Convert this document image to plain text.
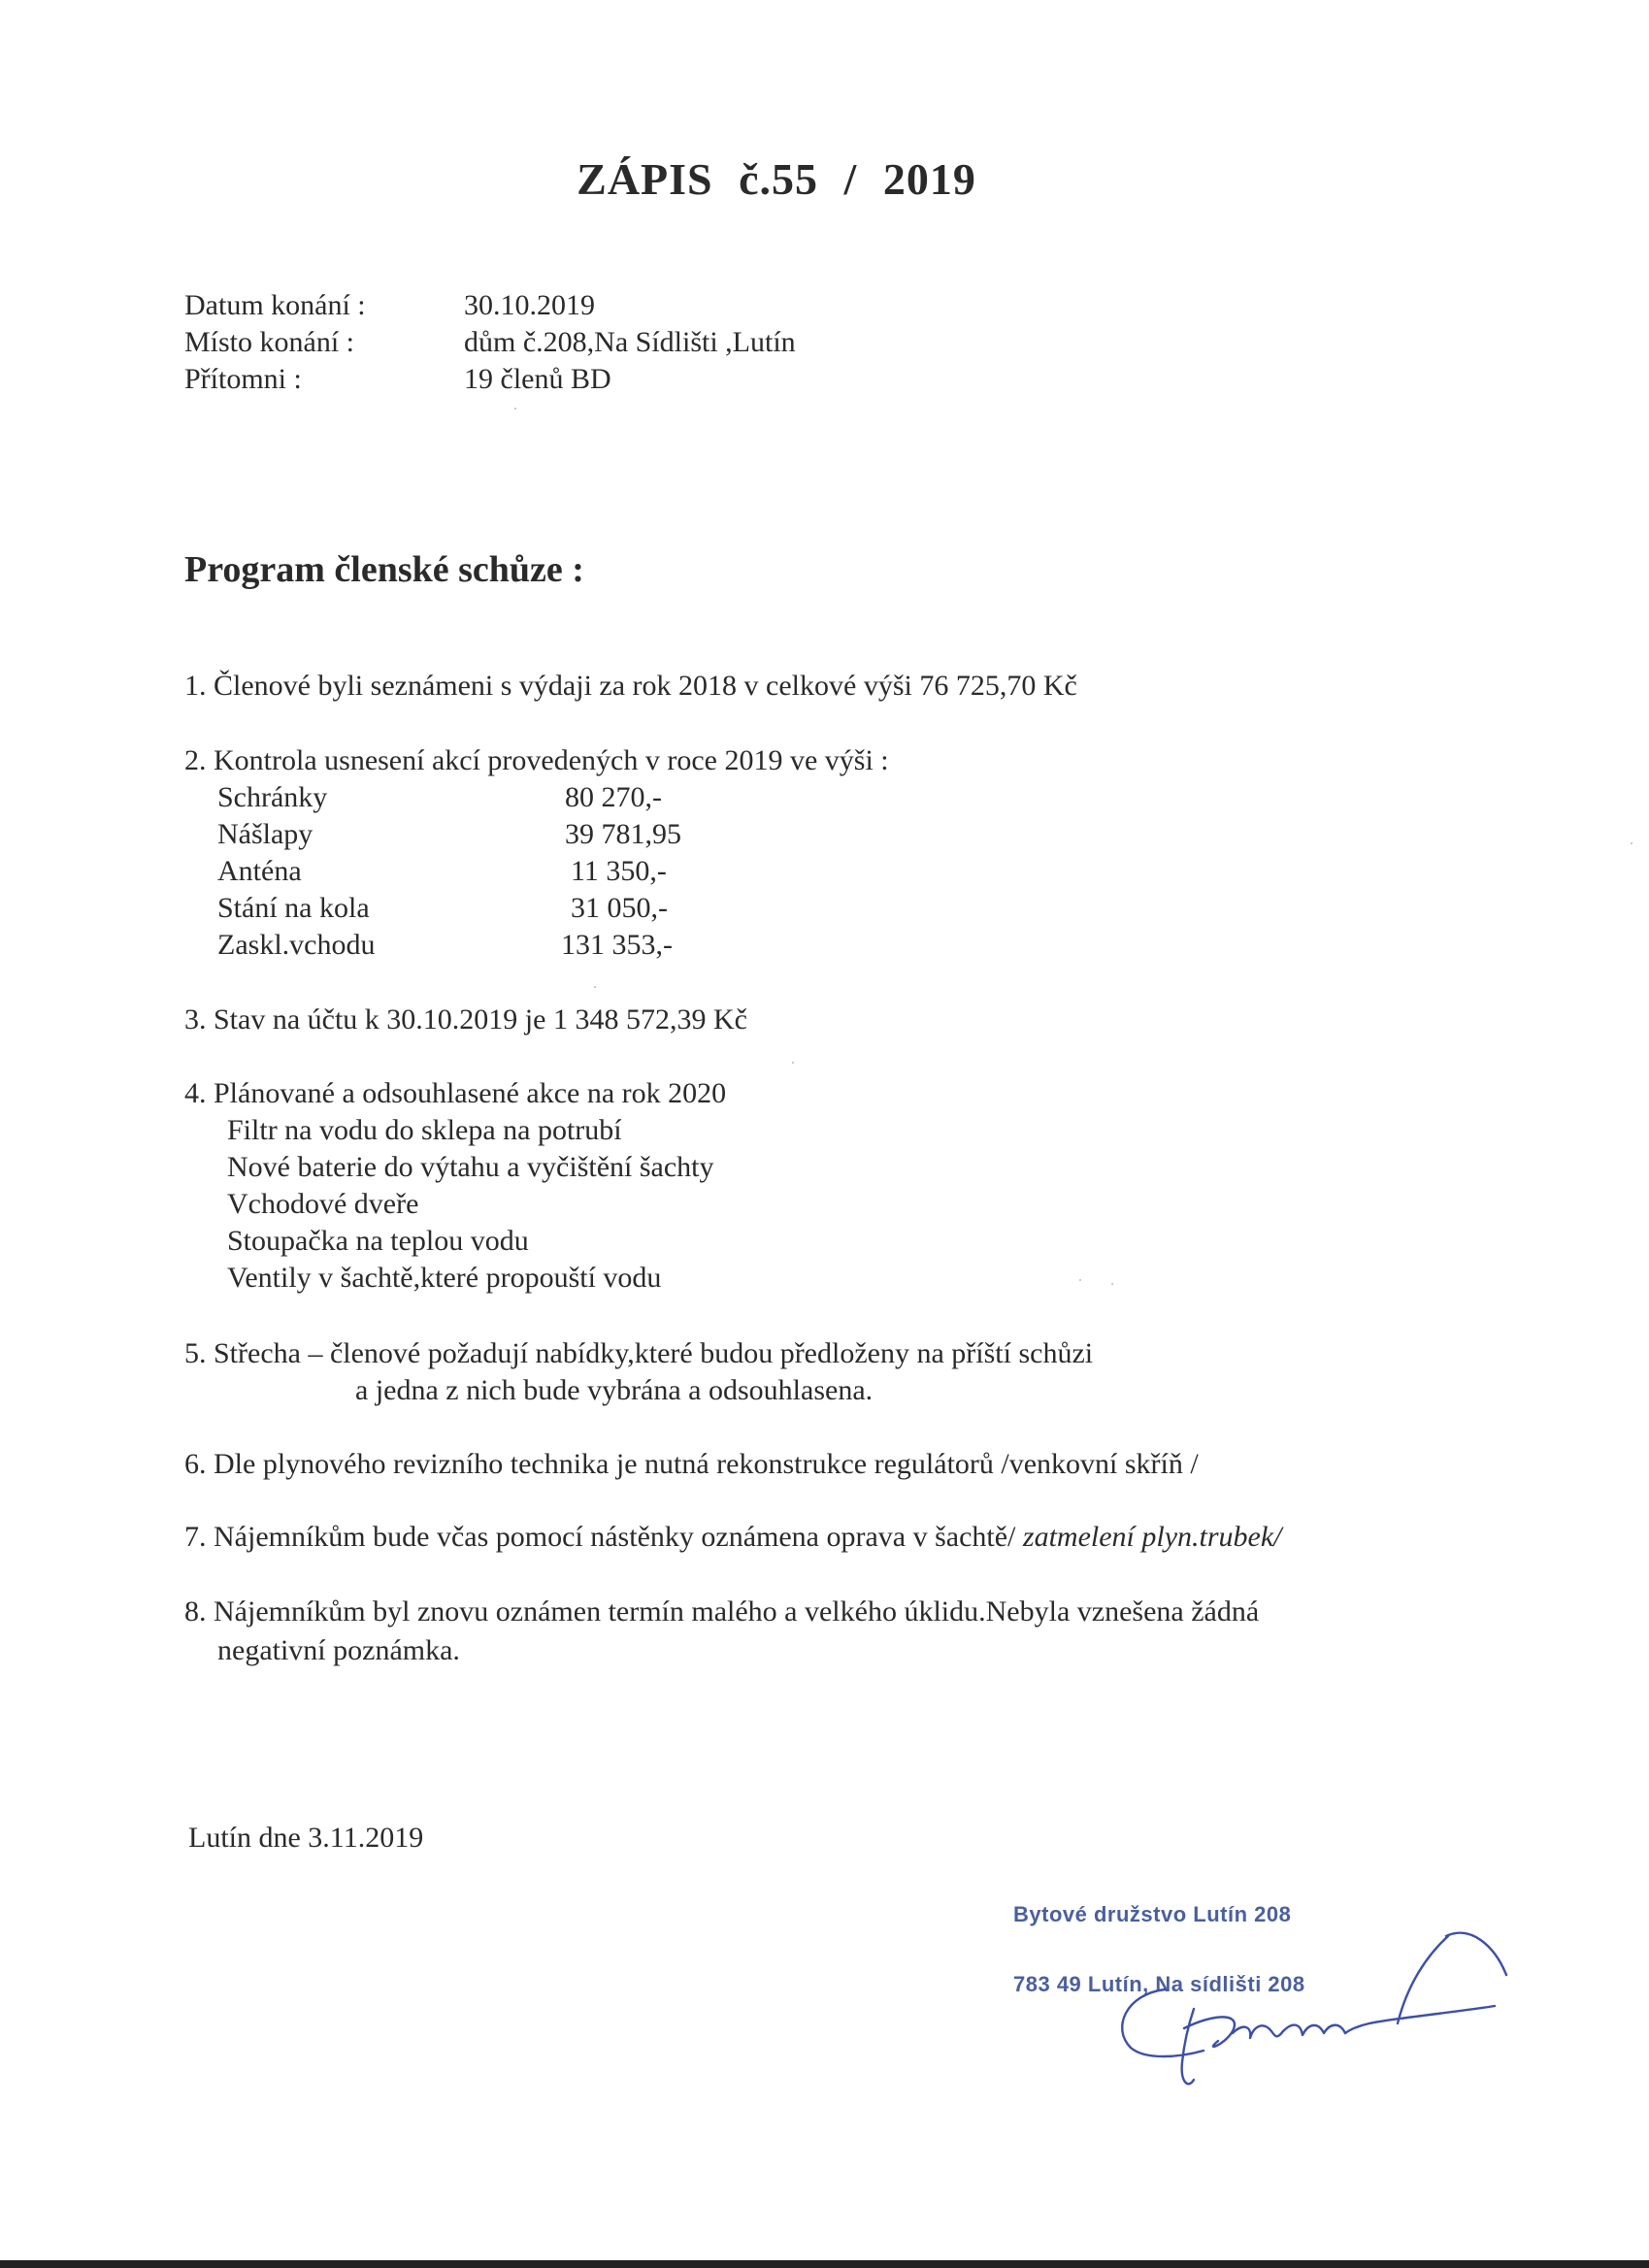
ZÁPIS č.55 / 2019
Datum konání :	30.10.2019
Místo konání :	dům č.208,Na Sídlišti ,Lutín
Přítomni :	19 členů BD
Program členské schůze :
1. Členové byli seznámeni s výdaji za rok 2018 v celkové výši 76 725,70 Kč
2. Kontrola usnesení akcí provedených v roce 2019 ve výši :
Schránky	80 270,-
Nášlapy	39 781,95
Anténa	11 350,-
Stání na kola	31 050,-
Zaskl.vchodu	131 353,-
3. Stav na účtu k 30.10.2019 je 1 348 572,39 Kč
4. Plánované a odsouhlasené akce na rok 2020
Filtr na vodu do sklepa na potrubí
Nové baterie do výtahu a vyčištění šachty
Vchodové dveře
Stoupačka na teplou vodu
Ventily v šachtě,které propouští vodu
5. Střecha – členové požadují nabídky,které budou předloženy na příští schůzi
a jedna z nich bude vybrána a odsouhlasena.
6. Dle plynového revizního technika je nutná rekonstrukce regulátorů /venkovní skříň /
7. Nájemníkům bude včas pomocí nástěnky oznámena oprava v šachtě/ zatmelení plyn.trubek/
8. Nájemníkům byl znovu oznámen termín malého a velkého úklidu.Nebyla vznešena žádná
negativní poznámka.
Lutín dne 3.11.2019
Bytové družstvo Lutín 208
783 49 Lutín, Na sídlišti 208
